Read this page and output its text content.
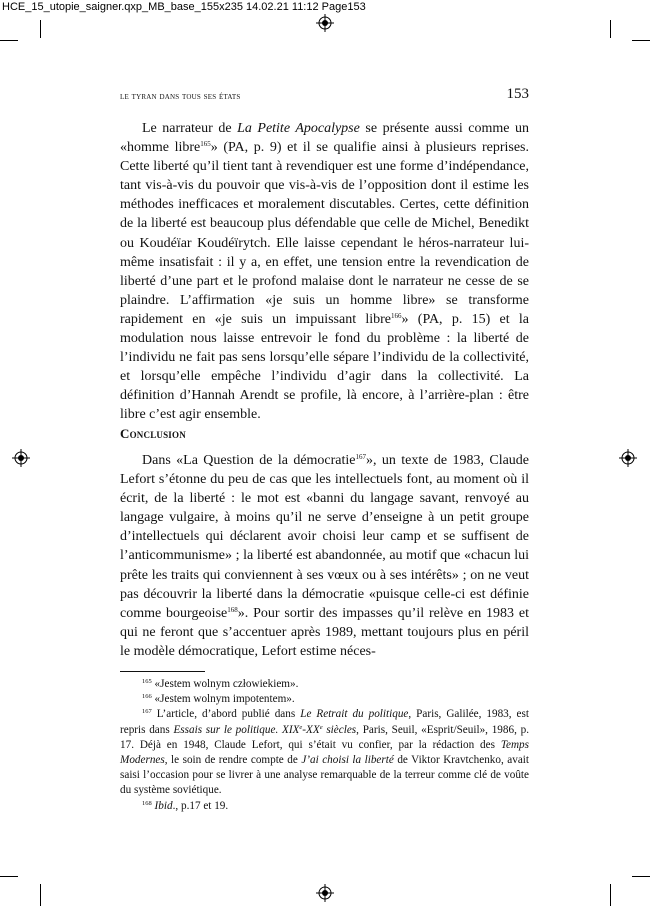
HCE_15_utopie_saigner.qxp_MB_base_155x235 14.02.21 11:12 Page153
le tyran dans tous ses états	153

Le narrateur de La Petite Apocalypse se présente aussi comme un «homme libre$^{165}$» (PA, p. 9) et il se qualifie ainsi à plusieurs reprises. Cette liberté qu’il tient tant à revendiquer est une forme d’indépendance, tant vis-à-vis du pouvoir que vis-à-vis de l’opposition dont il estime les méthodes inefficaces et moralement discutables. Certes, cette définition de la liberté est beaucoup plus défendable que celle de Michel, Benedikt ou Koudéïar Koudéïrytch. Elle laisse cependant le héros-narrateur lui-même insatisfait : il y a, en effet, une tension entre la revendication de liberté d’une part et le profond malaise dont le narrateur ne cesse de se plaindre. L’affirmation «je suis un homme libre» se transforme rapidement en «je suis un impuissant libre$^{166}$» (PA, p. 15) et la modulation nous laisse entrevoir le fond du problème : la liberté de l’individu ne fait pas sens lorsqu’elle sépare l’individu de la collectivité, et lorsqu’elle empêche l’individu d’agir dans la collectivité. La définition d’Hannah Arendt se profile, là encore, à l’arrière-plan : être libre c’est agir ensemble.

Conclusion

Dans «La Question de la démocratie$^{167}$», un texte de 1983, Claude Lefort s’étonne du peu de cas que les intellectuels font, au moment où il écrit, de la liberté : le mot est «banni du langage savant, renvoyé au langage vulgaire, à moins qu’il ne serve d’enseigne à un petit groupe d’intellectuels qui déclarent avoir choisi leur camp et se suffisent de l’anticommunisme» ; la liberté est abandonnée, au motif que «chacun lui prête les traits qui conviennent à ses vœux ou à ses intérêts» ; on ne veut pas découvrir la liberté dans la démocratie «puisque celle-ci est définie comme bourgeoise$^{168}$». Pour sortir des impasses qu’il relève en 1983 et qui ne feront que s’accentuer après 1989, mettant toujours plus en péril le modèle démocratique, Lefort estime néces-

$^{165}$ «Jestem wolnym człowiekiem».

$^{166}$ «Jestem wolnym impotentem».

$^{167}$ L’article, d’abord publié dans Le Retrait du politique, Paris, Galilée, 1983, est repris dans Essais sur le politique. XIXe-XXe siècles, Paris, Seuil, «Esprit/Seuil», 1986, p. 17. Déjà en 1948, Claude Lefort, qui s’était vu confier, par la rédaction des Temps Modernes, le soin de rendre compte de J’ai choisi la liberté de Viktor Kravtchenko, avait saisi l’occasion pour se livrer à une analyse remarquable de la terreur comme clé de voûte du système soviétique.

$^{168}$ Ibid., p.17 et 19.
